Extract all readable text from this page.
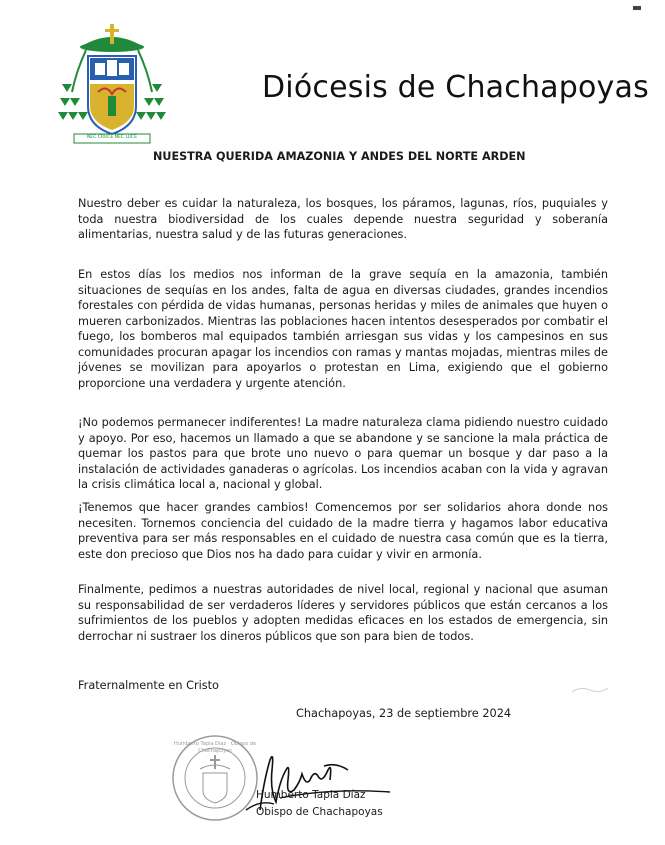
NEC CRUCE NEC LUCE
Diócesis de Chachapoyas
NUESTRA QUERIDA AMAZONIA Y ANDES DEL NORTE ARDEN
Nuestro deber es cuidar la naturaleza, los bosques, los páramos, lagunas, ríos, puquiales y toda nuestra biodiversidad de los cuales depende nuestra seguridad y soberanía alimentarias, nuestra salud y de las futuras generaciones.
En estos días los medios nos informan de la grave sequía en la amazonia, también situaciones de sequías en los andes, falta de agua en diversas ciudades, grandes incendios forestales con pérdida de vidas humanas, personas heridas y miles de animales que huyen o mueren carbonizados. Mientras las poblaciones hacen intentos desesperados por combatir el fuego, los bomberos mal equipados también arriesgan sus vidas y los campesinos en sus comunidades procuran apagar los incendios con ramas y mantas mojadas, mientras miles de jóvenes se movilizan para apoyarlos o protestan en Lima, exigiendo que el gobierno proporcione una verdadera y urgente atención.
¡No podemos permanecer indiferentes! La madre naturaleza clama pidiendo nuestro cuidado y apoyo. Por eso, hacemos un llamado a que se abandone y se sancione la mala práctica de quemar los pastos para que brote uno nuevo o para quemar un bosque y dar paso a la instalación de actividades ganaderas o agrícolas. Los incendios acaban con la vida y agravan la crisis climática local a, nacional y global.
¡Tenemos que hacer grandes cambios! Comencemos por ser solidarios ahora donde nos necesiten. Tornemos conciencia del cuidado de la madre tierra y hagamos labor educativa preventiva para ser más responsables en el cuidado de nuestra casa común que es la tierra, este don precioso que Dios nos ha dado para cuidar y vivir en armonía.
Finalmente, pedimos a nuestras autoridades de nivel local, regional y nacional que asuman su responsabilidad de ser verdaderos líderes y servidores públicos que están cercanos a los sufrimientos de los pueblos y adopten medidas eficaces en los estados de emergencia, sin derrochar ni sustraer los dineros públicos que son para bien de todos.
Fraternalmente en Cristo
Chachapoyas, 23 de septiembre 2024
Humberto Tapia Díaz · Obispo de Chachapoyas
Humberto Tapia Díaz
Obispo de Chachapoyas
